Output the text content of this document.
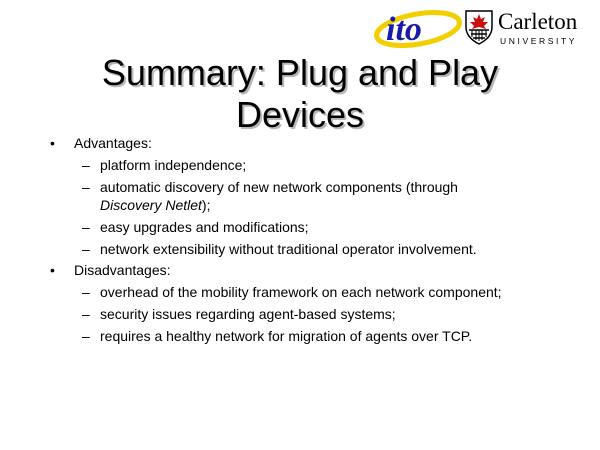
ito	Carleton
UNIVERSITY
Summary: Plug and Play
Devices
• Advantages:
– platform independence;
– automatic discovery of new network components (through
Discovery Netlet);
– easy upgrades and modifications;
– network extensibility without traditional operator involvement.
• Disadvantages:
– overhead of the mobility framework on each network component;
– security issues regarding agent-based systems;
– requires a healthy network for migration of agents over TCP.
